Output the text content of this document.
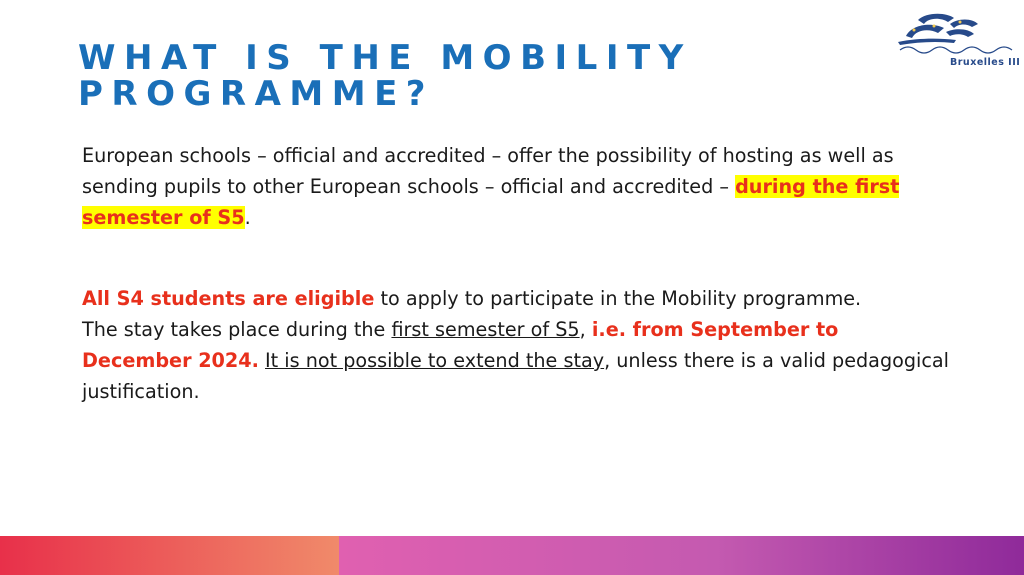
WHAT IS THE MOBILITY
PROGRAMME?
Bruxelles III
European schools – official and accredited – offer the possibility of hosting as well as sending pupils to other European schools – official and accredited – during the first semester of S5.
All S4 students are eligible to apply to participate in the Mobility programme.
The stay takes place during the first semester of S5, i.e. from September to December 2024. It is not possible to extend the stay, unless there is a valid pedagogical justification.
